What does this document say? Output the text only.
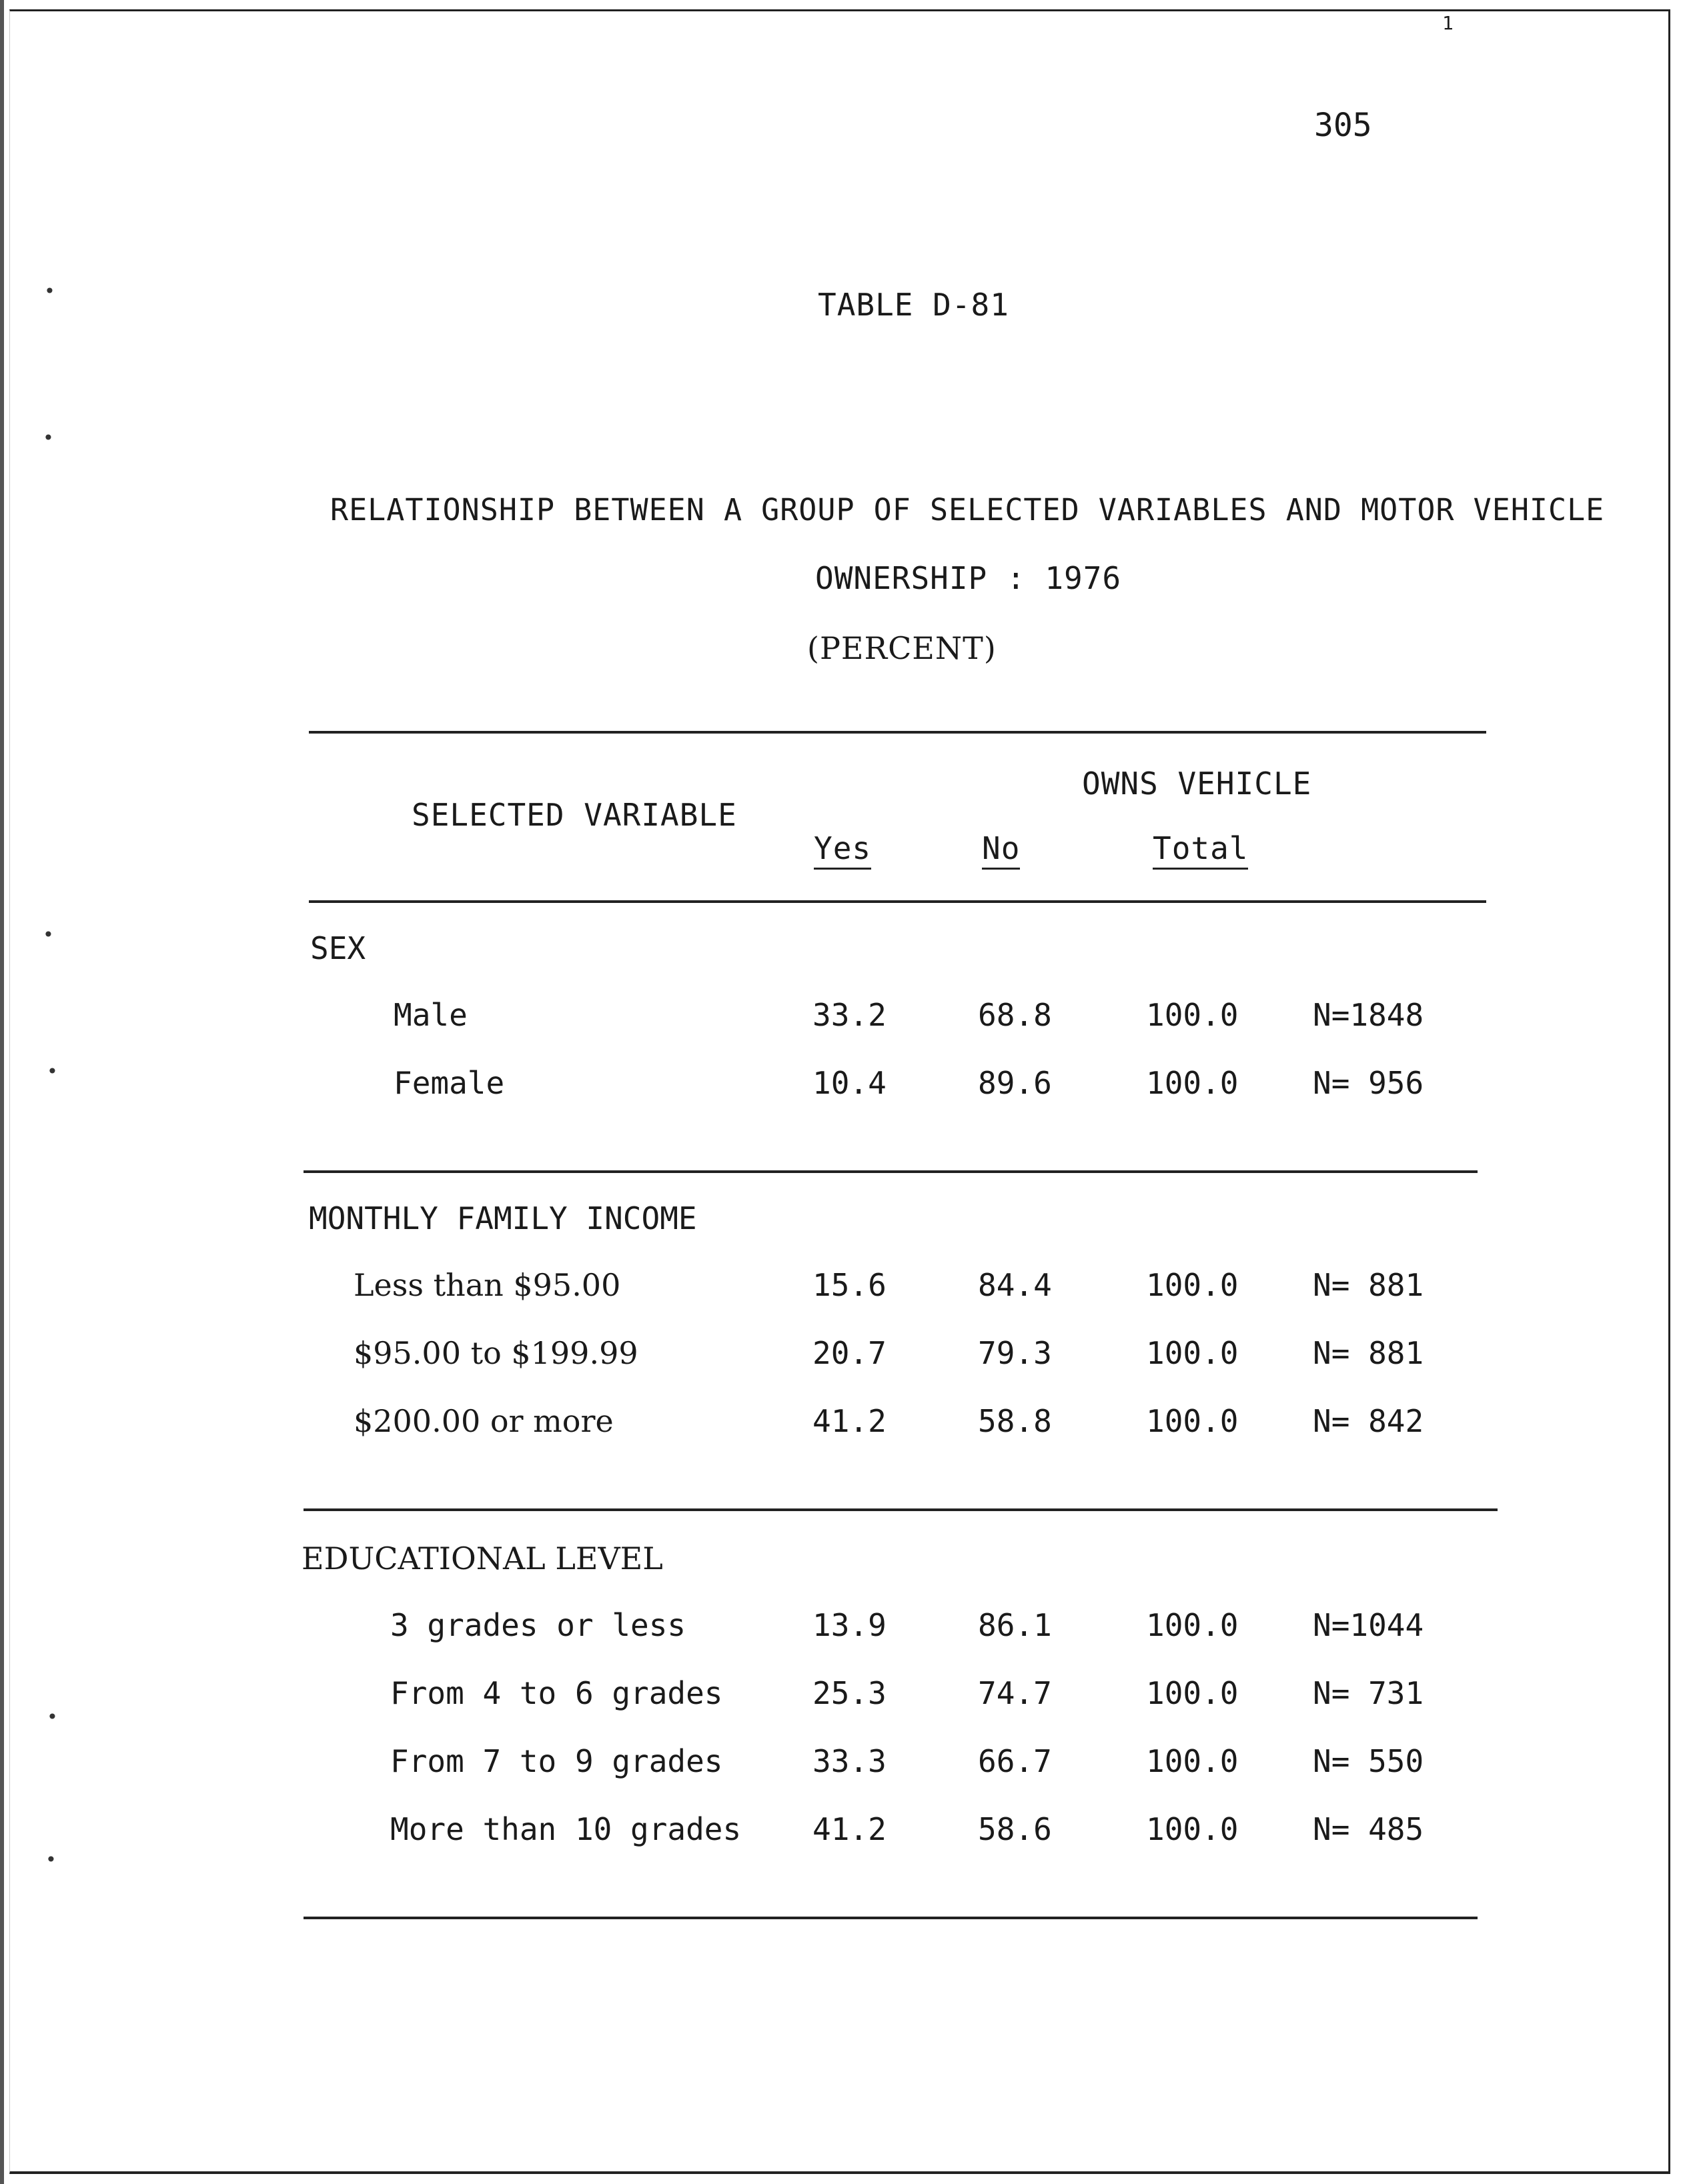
•
•
•
•
•
•
1
305
TABLE D-81
RELATIONSHIP BETWEEN A GROUP OF SELECTED VARIABLES AND MOTOR VEHICLE
OWNERSHIP : 1976
(PERCENT)
SELECTED VARIABLE
OWNS VEHICLE
Yes	No	Total
SEX
Male	33.2	68.8	100.0 N=1848
Female	10.4	89.6	100.0 N= 956
MONTHLY FAMILY INCOME
Less than $95.00	15.6	84.4	100.0 N= 881
$95.00 to $199.99	20.7	79.3	100.0 N= 881
$200.00 or more	41.2	58.8	100.0 N= 842
EDUCATIONAL LEVEL
3 grades or less	13.9	86.1	100.0 N=1044
From 4 to 6 grades	25.3	74.7	100.0 N= 731
From 7 to 9 grades	33.3	66.7	100.0 N= 550
More than 10 grades 41.2	58.6	100.0 N= 485
